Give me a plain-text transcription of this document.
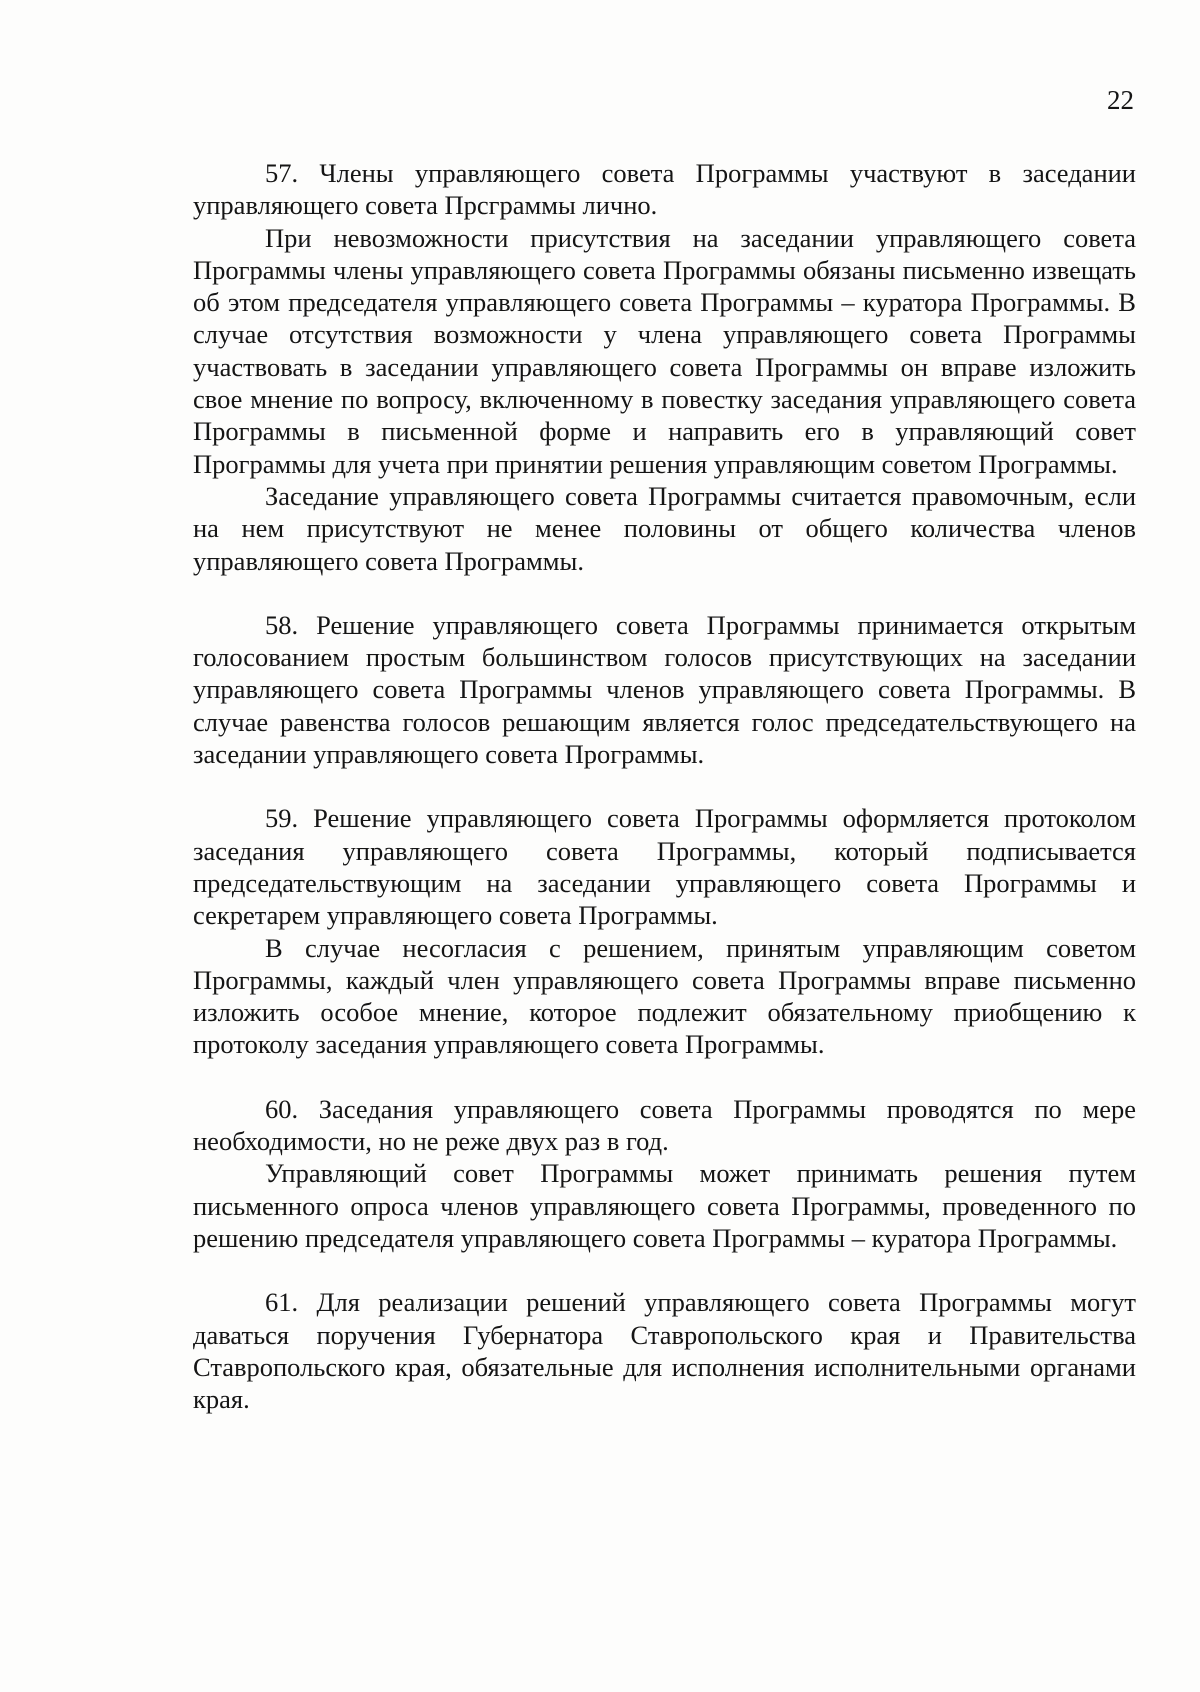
22

57. Члены управляющего совета Программы участвуют в заседании управляющего совета Прсграммы лично.

При невозможности присутствия на заседании управляющего совета Программы члены управляющего совета Программы обязаны письменно извещать об этом председателя управляющего совета Программы – куратора Программы. В случае отсутствия возможности у члена управляющего совета Программы участвовать в заседании управляющего совета Программы он вправе изложить свое мнение по вопросу, включенному в повестку заседания управляющего совета Программы в письменной форме и направить его в управляющий совет Программы для учета при принятии решения управляющим советом Программы.

Заседание управляющего совета Программы считается правомочным, если на нем присутствуют не менее половины от общего количества членов управляющего совета Программы.

58. Решение управляющего совета Программы принимается открытым голосованием простым большинством голосов присутствующих на заседании управляющего совета Программы членов управляющего совета Программы. В случае равенства голосов решающим является голос председательствующего на заседании управляющего совета Программы.

59. Решение управляющего совета Программы оформляется протоколом заседания управляющего совета Программы, который подписывается председательствующим на заседании управляющего совета Программы и секретарем управляющего совета Программы.

В случае несогласия с решением, принятым управляющим советом Программы, каждый член управляющего совета Программы вправе письменно изложить особое мнение, которое подлежит обязательному приобщению к протоколу заседания управляющего совета Программы.

60. Заседания управляющего совета Программы проводятся по мере необходимости, но не реже двух раз в год.

Управляющий совет Программы может принимать решения путем письменного опроса членов управляющего совета Программы, проведенного по решению председателя управляющего совета Программы – куратора Программы.

61. Для реализации решений управляющего совета Программы могут даваться поручения Губернатора Ставропольского края и Правительства Ставропольского края, обязательные для исполнения исполнительными органами края.
